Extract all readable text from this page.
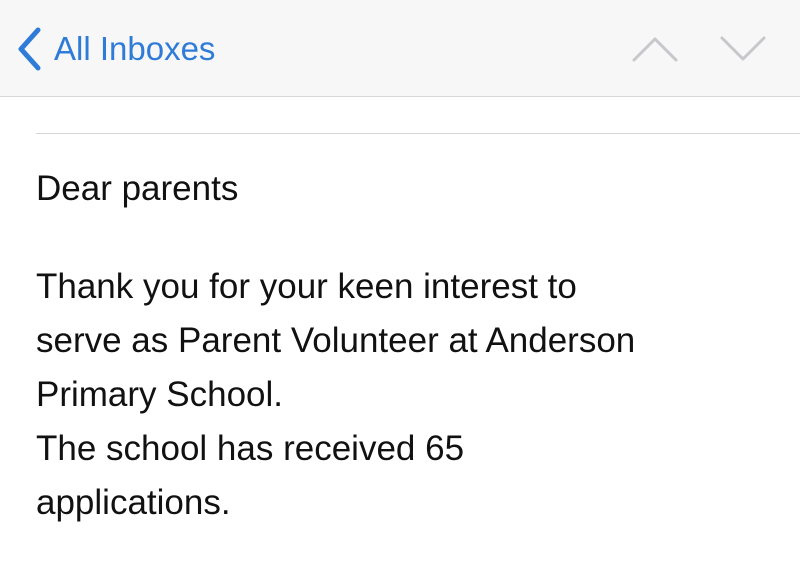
All Inboxes
Dear parents
Thank you for your keen interest to
serve as Parent Volunteer at Anderson
Primary School.
The school has received 65
applications.
